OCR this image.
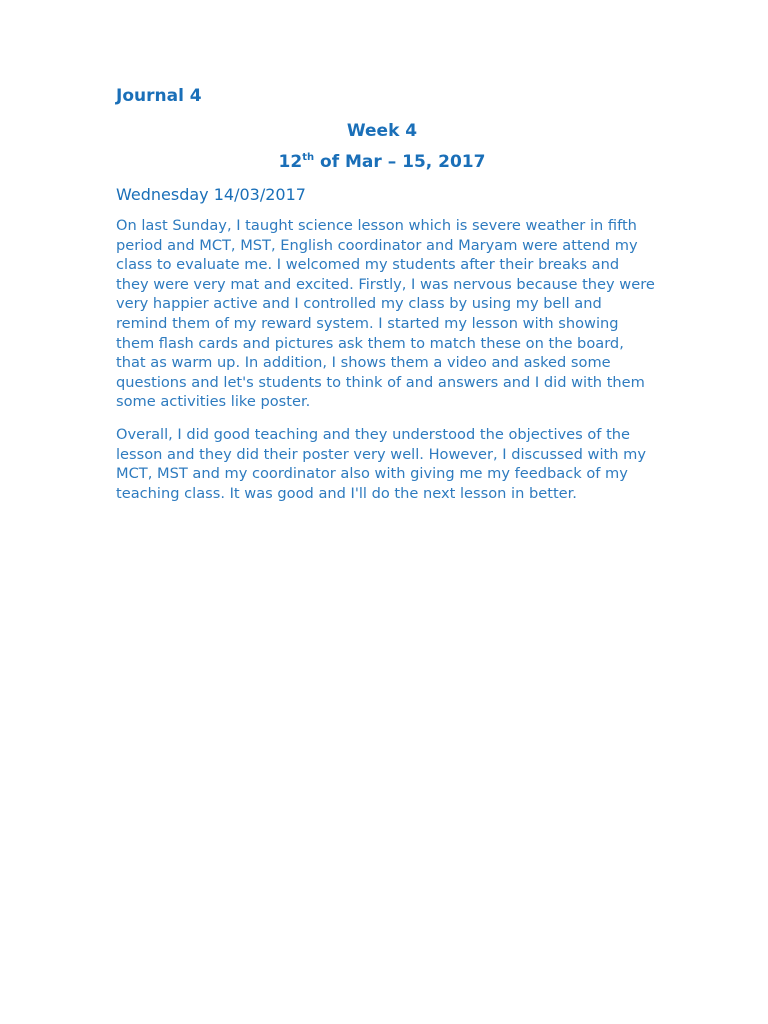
Journal 4
Week 4
12th of Mar – 15, 2017
Wednesday 14/03/2017

On last Sunday, I taught science lesson which is severe weather in fifth period and MCT, MST, English coordinator and Maryam were attend my class to evaluate me. I welcomed my students after their breaks and they were very mat and excited. Firstly, I was nervous because they were very happier active and I controlled my class by using my bell and remind them of my reward system. I started my lesson with showing them flash cards and pictures ask them to match these on the board, that as warm up. In addition, I shows them a video and asked some questions and let's students to think of and answers and I did with them some activities like poster.

Overall, I did good teaching and they understood the objectives of the lesson and they did their poster very well. However, I discussed with my MCT, MST and my coordinator also with giving me my feedback of my teaching class. It was good and I'll do the next lesson in better.
